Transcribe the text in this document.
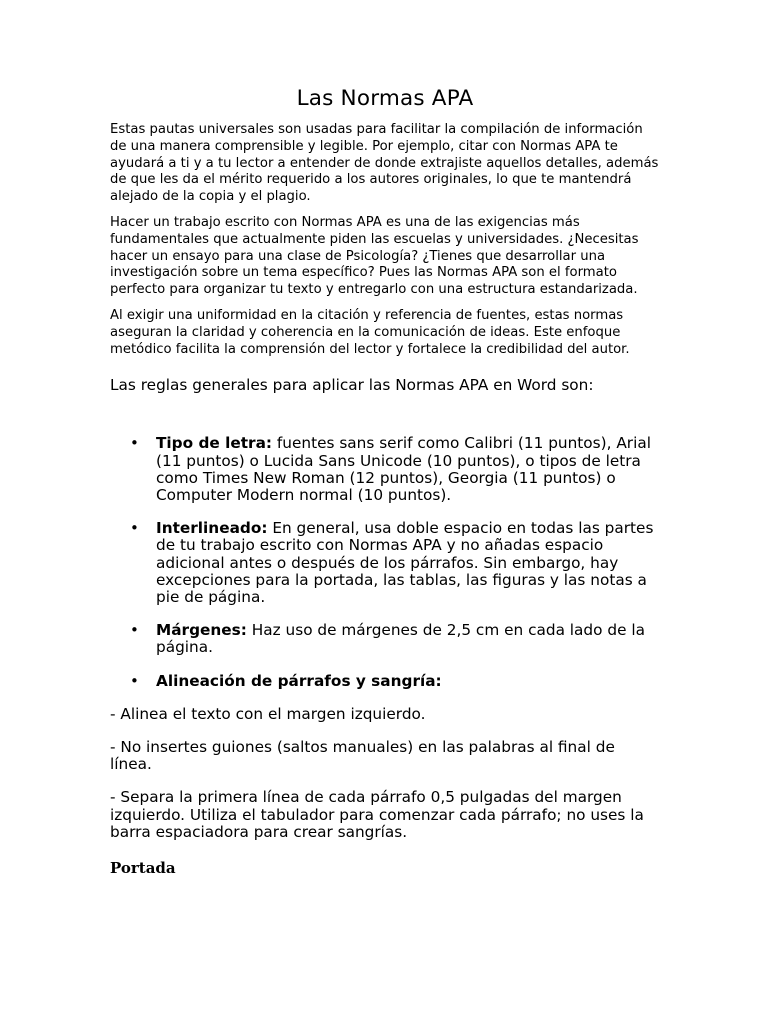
Las Normas APA

Estas pautas universales son usadas para facilitar la compilación de información de una manera comprensible y legible. Por ejemplo, citar con Normas APA te ayudará a ti y a tu lector a entender de donde extrajiste aquellos detalles, además de que les da el mérito requerido a los autores originales, lo que te mantendrá alejado de la copia y el plagio.

Hacer un trabajo escrito con Normas APA es una de las exigencias más fundamentales que actualmente piden las escuelas y universidades. ¿Necesitas hacer un ensayo para una clase de Psicología? ¿Tienes que desarrollar una investigación sobre un tema específico? Pues las Normas APA son el formato perfecto para organizar tu texto y entregarlo con una estructura estandarizada.

Al exigir una uniformidad en la citación y referencia de fuentes, estas normas aseguran la claridad y coherencia en la comunicación de ideas. Este enfoque metódico facilita la comprensión del lector y fortalece la credibilidad del autor.

Las reglas generales para aplicar las Normas APA en Word son:

• Tipo de letra: fuentes sans serif como Calibri (11 puntos), Arial (11 puntos) o Lucida Sans Unicode (10 puntos), o tipos de letra como Times New Roman (12 puntos), Georgia (11 puntos) o Computer Modern normal (10 puntos).
• Interlineado: En general, usa doble espacio en todas las partes de tu trabajo escrito con Normas APA y no añadas espacio adicional antes o después de los párrafos. Sin embargo, hay excepciones para la portada, las tablas, las figuras y las notas a pie de página.
• Márgenes: Haz uso de márgenes de 2,5 cm en cada lado de la página.
• Alineación de párrafos y sangría:

- Alinea el texto con el margen izquierdo.

- No insertes guiones (saltos manuales) en las palabras al final de línea.

- Separa la primera línea de cada párrafo 0,5 pulgadas del margen izquierdo. Utiliza el tabulador para comenzar cada párrafo; no uses la barra espaciadora para crear sangrías.

Portada
